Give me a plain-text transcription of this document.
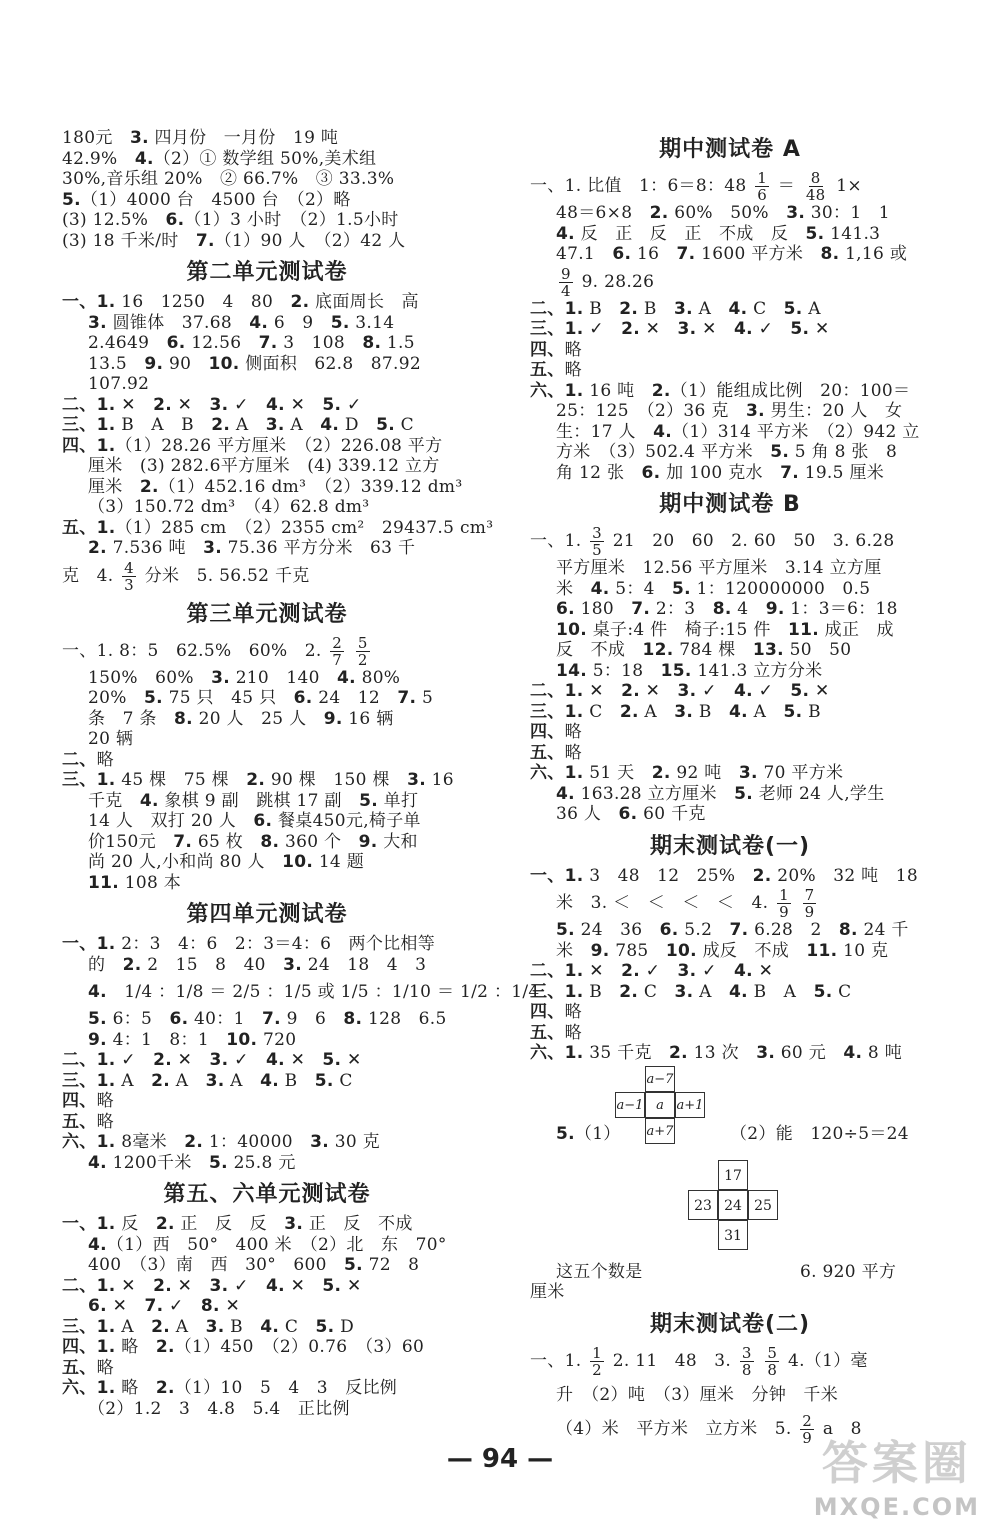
180元　3. 四月份　一月份　19 吨
42.9%　4.（2）① 数学组 50%,美术组
30%,音乐组 20%　② 66.7%　③ 33.3%
5.（1）4000 台　4500 台　（2）略
(3) 12.5%　6.（1）3 小时　（2）1.5小时
(3) 18 千米/时　7.（1）90 人　（2）42 人
第二单元测试卷
一、1. 16　1250　4　80　2. 底面周长　高
3. 圆锥体　37.68　4. 6　9　5. 3.14
2.4649　6. 12.56　7. 3　108　8. 1.5
13.5　9. 90　10. 侧面积　62.8　87.92
107.92
二、1. ✕　2. ✕　3. ✓　4. ✕　5. ✓
三、1. B　A　B　2. A　3. A　4. D　5. C
四、1.（1）28.26 平方厘米　（2）226.08 平方
厘米　(3) 282.6平方厘米　(4) 339.12 立方
厘米　2.（1）452.16 dm³　（2）339.12 dm³
（3）150.72 dm³　（4）62.8 dm³
五、1.（1）285 cm　（2）2355 cm²　29437.5 cm³
2. 7.536 吨　3. 75.36 平方分米　63 千
克　4. $\frac{4}{3}$ 分米　5. 56.52 千克
第三单元测试卷
一、1. 8：5　62.5%　60%　2. $\frac{2}{7}$
$\frac{5}{2}$
150%　60%　3. 210　140　4. 80%
20%　5. 75 只　45 只　6. 24　12　7. 5
条　7 条　8. 20 人　25 人　9. 16 辆
20 辆
二、略
三、1. 45 棵　75 棵　2. 90 棵　150 棵　3. 16
千克　4. 象棋 9 副　跳棋 17 副　5. 单打
14 人　双打 20 人　6. 餐桌450元,椅子单
价150元　7. 65 枚　8. 360 个　9. 大和
尚 20 人,小和尚 80 人　10. 14 题
11. 108 本
第四单元测试卷
一、1. 2：3　4：6　2：3＝4：6　两个比相等
的　2. 2　15　8　40　3. 24　18　4　3
4.　1/4 ：1/8 ＝ 2/5 ：1/5 或 1/5 ：1/10 ＝ 1/2 ：1/4
5. 6：5　6. 40：1　7. 9　6　8. 128　6.5
9. 4：1　8：1　10. 720
二、1. ✓　2. ✕　3. ✓　4. ✕　5. ✕
三、1. A　2. A　3. A　4. B　5. C
四、略
五、略
六、1. 8毫米　2. 1：40000　3. 30 克
4. 1200千米　5. 25.8 元
第五、六单元测试卷
一、1. 反　2. 正　反　反　3. 正　反　不成
4.（1）西　50°　400 米　（2）北　东　70°
400　（3）南　西　30°　600　5. 72　8
二、1. ✕　2. ✕　3. ✓　4. ✕　5. ✕
6. ✕　7. ✓　8. ✕
三、1. A　2. A　3. B　4. C　5. D
四、1. 略　2.（1）450　（2）0.76　（3）60
五、略
六、1. 略　2.（1）10　5　4　3　反比例
（2）1.2　3　4.8　5.4　正比例
期中测试卷 A
一、1. 比值　1：6＝8：$48 \frac{1}{6} = \frac{8}{48} 1\times$
48＝6×8　2. 60%　50%　3. 30：1　1
4. 反　正　反　正　不成　反　5. 141.3
47.1　6. 16　7. 1600 平方米　8. 1,16 或
$\frac{9}{4} 9$. 28.26
二、1. B　2. B　3. A　4. C　5. A
三、1. ✓　2. ✕　3. ✕　4. ✓　5. ✕
四、略
五、略
六、1. 16 吨　2.（1）能组成比例　20：100＝
25：125　（2）36 克　3. 男生：20 人　女
生：17 人　4.（1）314 平方米　（2）942 立
方米　（3）502.4 平方米　5. 5 角 8 张　8
角 12 张　6. 加 100 克水　7. 19.5 厘米
期中测试卷 B
一、1. $\frac{3}{5} 21$　20　60　2. 60　50　3. 6.28
平方厘米　12.56 平方厘米　3.14 立方厘
米　4. 5：4　5. 1：120000000　0.5
6. 180　7. 2：3　8. 4　9. 1：3＝6：18
10. 桌子:4 件　椅子:15 件　11. 成正　成
反　不成　12. 784 棵　13. 50　50
14. 5：18　15. 141.3 立方分米
二、1. ✕　2. ✕　3. ✓　4. ✓　5. ✕
三、1. C　2. A　3. B　4. A　5. B
四、略
五、略
六、1. 51 天　2. 92 吨　3. 70 平方米
4. 163.28 立方厘米　5. 老师 24 人,学生
36 人　6. 60 千克
期末测试卷(一)
一、1. 3　48　12　25%　2. 20%　32 吨　18
米　3. ＜　＜　＜　＜　4. $\frac{1}{9}$
$\frac{7}{9}$
5. 24　36　6. 5.2　7. 6.28　2　8. 24 千
米　9. 785　10. 成反　不成　11. 10 克
二、1. ✕　2. ✓　3. ✓　4. ✕
三、1. B　2. C　3. A　4. B　A　5. C
四、略
五、略
六、1. 35 千克　2. 13 次　3. 60 元　4. 8 吨
a−7
a−1 a a+1
a+7
5.（1）	（2）能　120÷5＝24
17
23 24 25
31
这五个数是	6. 920 平方
厘米
期末测试卷(二)
一、1. $\frac{1}{2} 2$. 11　48　3. $\frac{3}{8}$
$\frac{5}{8} 4.(1)$毫
升　（2）吨　（3）厘米　分钟　千米
（4）米　平方米　立方米　5. $\frac{2}{9}$ a　8
— 94 —	答案圈
MXQE.COM
